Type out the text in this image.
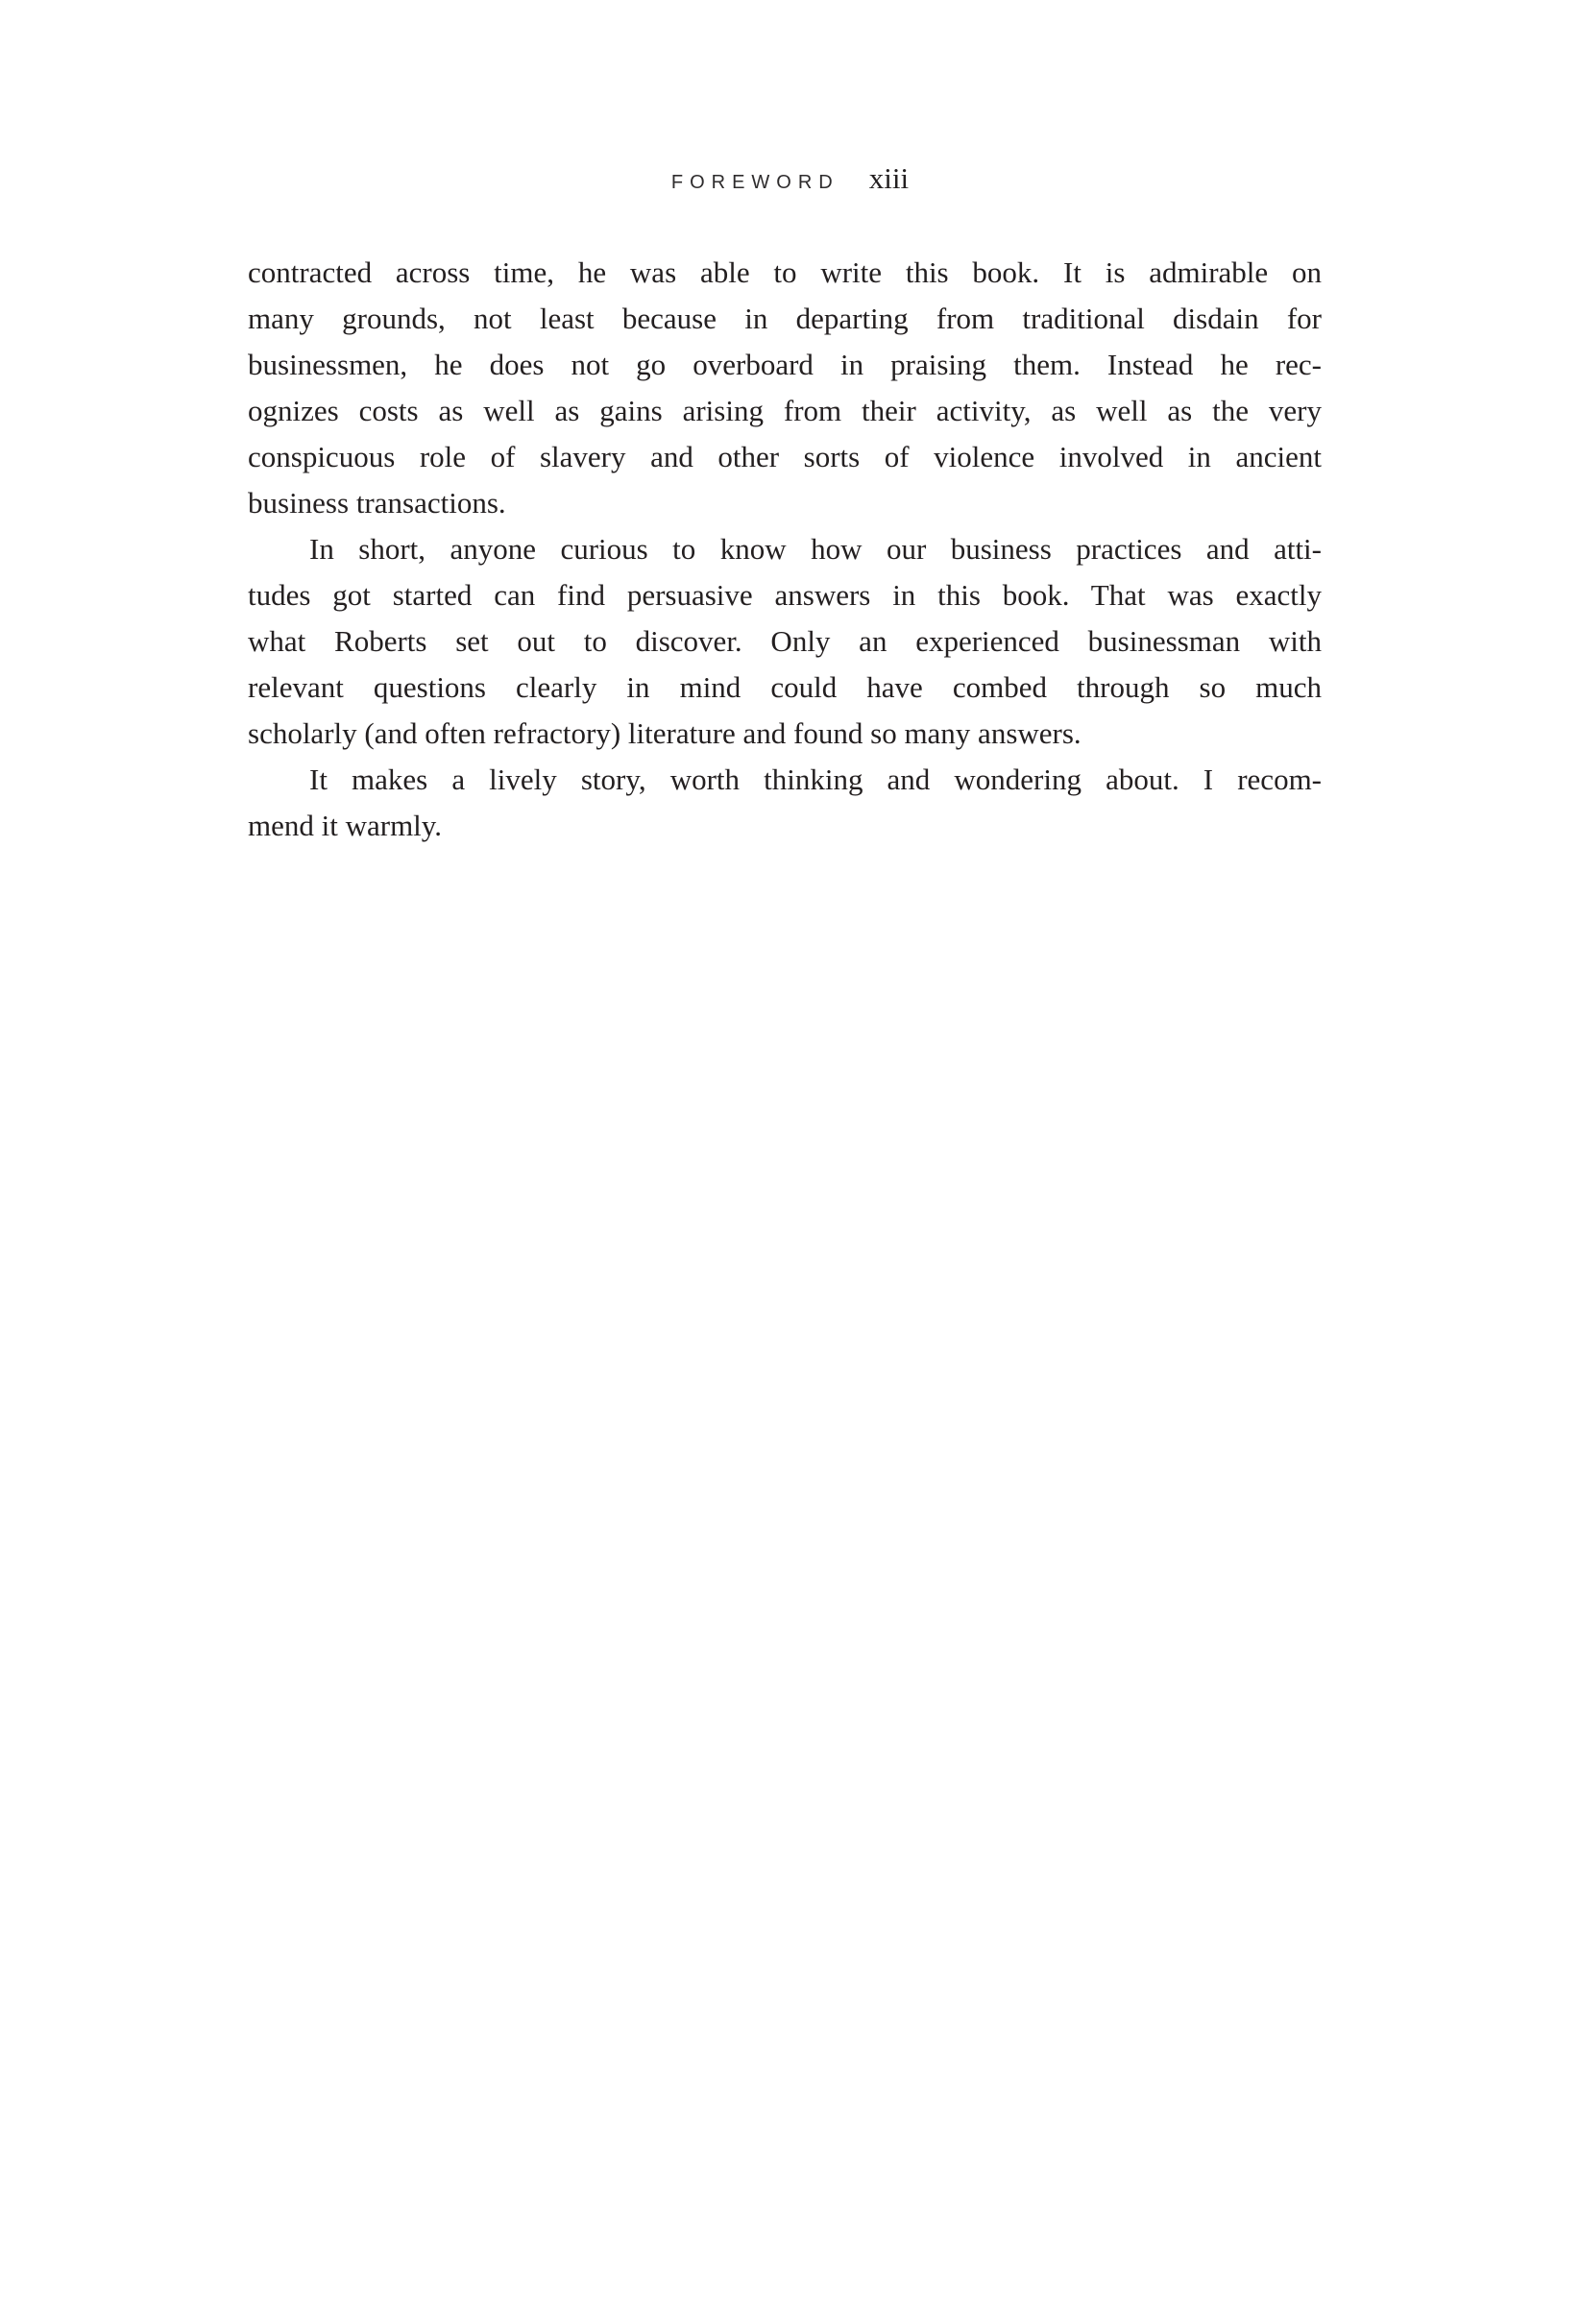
FOREWORD xiii
contracted across time, he was able to write this book. It is admirable on
many grounds, not least because in departing from traditional disdain for
businessmen, he does not go overboard in praising them. Instead he rec-
ognizes costs as well as gains arising from their activity, as well as the very
conspicuous role of slavery and other sorts of violence involved in ancient
business transactions.
In short, anyone curious to know how our business practices and atti-
tudes got started can find persuasive answers in this book. That was exactly
what Roberts set out to discover. Only an experienced businessman with
relevant questions clearly in mind could have combed through so much
scholarly (and often refractory) literature and found so many answers.
It makes a lively story, worth thinking and wondering about. I recom-
mend it warmly.
